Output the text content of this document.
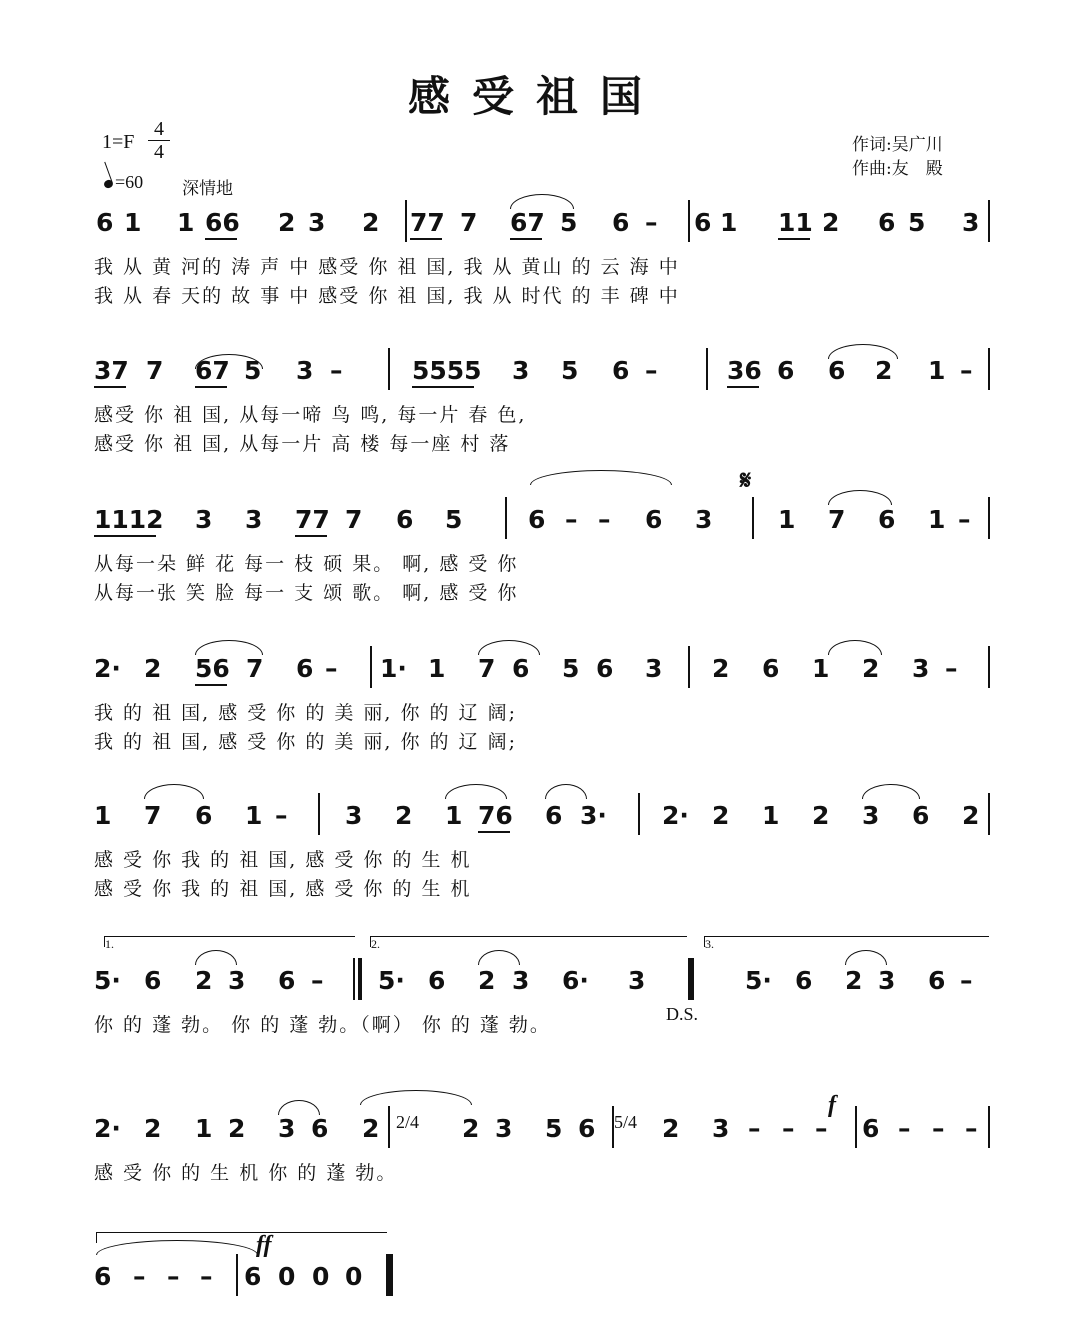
感受祖国
1=F
4
4
=60 深情地
作词:吴广川
作曲:友　殿
6 1 1 66 2 3 2 77 7 67 5 6 – 6 1 11 2 6 5 3
我 从 黄 河的 涛 声 中 感受 你 祖 国, 我 从 黄山 的 云 海 中
我 从 春 天的 故 事 中 感受 你 祖 国, 我 从 时代 的 丰 碑 中
37 7 67 5 3 –	5555 3 5 6 –	36 6 6 2 1 –
感受 你 祖 国, 从每一啼 鸟 鸣, 每一片 春 色,
感受 你 祖 国, 从每一片 高 楼 每一座 村 落
1112 3 3 77 7 6 5	6 – – 6 3	1 7 6 1 –
从每一朵 鲜 花 每一 枝 硕 果。 啊, 感 受 你
从每一张 笑 脸 每一 支 颂 歌。 啊, 感 受 你
2· 2 56 7 6 – 1· 1 7 6 5 6 3 2 6 1 2 3 –
我 的 祖 国, 感 受 你 的 美 丽, 你 的 辽 阔;
我 的 祖 国, 感 受 你 的 美 丽, 你 的 辽 阔;
1 7 6 1 – 3 2 1 76 6 3· 2· 2 1 2 3 6 2
感 受 你 我 的 祖 国, 感 受 你 的 生 机
感 受 你 我 的 祖 国, 感 受 你 的 生 机
5· 6 2 3 6 – 5· 6 2 3 6· 3	5· 6 2 3 6 –
你 的 蓬 勃。 你 的 蓬 勃。（啊） 你 的 蓬 勃。
2· 2 1 2 3 6 2	2 3 5 6	2 3 – – – 6 – – –
感 受 你 的 生 机 你 的 蓬 勃。
6 – – – 6 0 0 0
1.	2.	3.
𝄋
D.S.
2/4	5/4
f
ff
